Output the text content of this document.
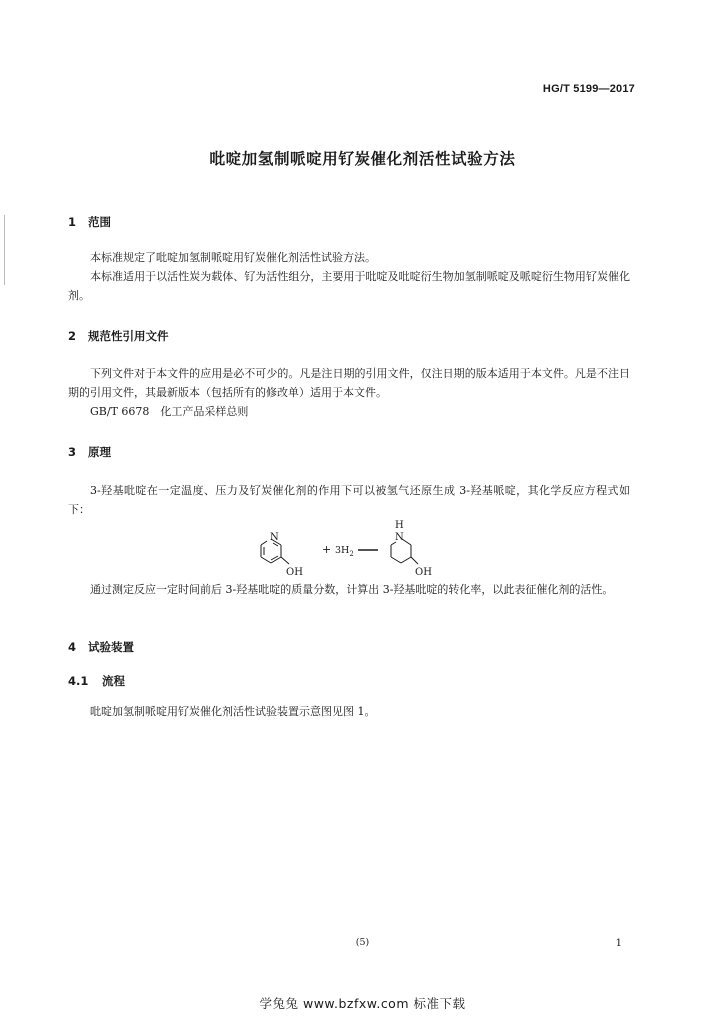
HG/T 5199—2017
吡啶加氢制哌啶用钌炭催化剂活性试验方法
1 范围
本标准规定了吡啶加氢制哌啶用钌炭催化剂活性试验方法。
本标准适用于以活性炭为载体、钌为活性组分，主要用于吡啶及吡啶衍生物加氢制哌啶及哌啶衍生物用钌炭催化剂。
2 规范性引用文件
下列文件对于本文件的应用是必不可少的。凡是注日期的引用文件，仅注日期的版本适用于本文件。凡是不注日期的引用文件，其最新版本（包括所有的修改单）适用于本文件。
GB/T 6678　化工产品采样总则
3 原理
3-羟基吡啶在一定温度、压力及钌炭催化剂的作用下可以被氢气还原生成 3-羟基哌啶，其化学反应方程式如下：
N
OH
+ $3H_2$
H
N
OH
通过测定反应一定时间前后 3-羟基吡啶的质量分数，计算出 3-羟基吡啶的转化率，以此表征催化剂的活性。
4 试验装置
4.1 流程
吡啶加氢制哌啶用钌炭催化剂活性试验装置示意图见图 1。
(5)	1
学兔兔 www.bzfxw.com 标准下载
